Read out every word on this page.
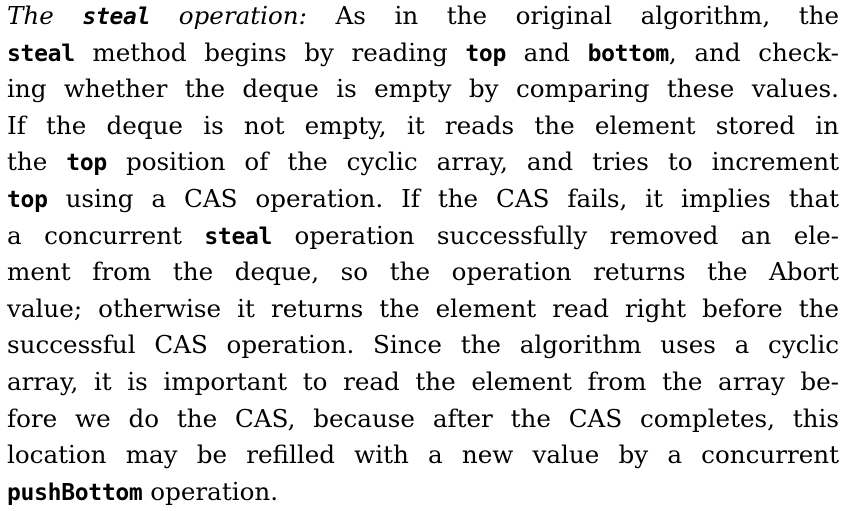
The steal operation: As in the original algorithm, the
steal method begins by reading top and bottom, and check-
ing whether the deque is empty by comparing these values.
If the deque is not empty, it reads the element stored in
the top position of the cyclic array, and tries to increment
top using a CAS operation. If the CAS fails, it implies that
a concurrent steal operation successfully removed an ele-
ment from the deque, so the operation returns the Abort
value; otherwise it returns the element read right before the
successful CAS operation. Since the algorithm uses a cyclic
array, it is important to read the element from the array be-
fore we do the CAS, because after the CAS completes, this
location may be refilled with a new value by a concurrent
pushBottom operation.
